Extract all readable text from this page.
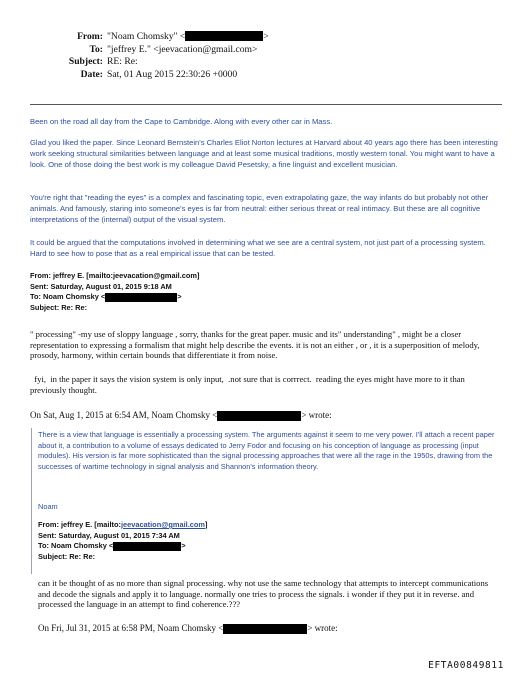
From: "Noam Chomsky" <	>
To: "jeffrey E." <jeevacation@gmail.com>
Subject: RE: Re:
Date: Sat, 01 Aug 2015 22:30:26 +0000
Been on the road all day from the Cape to Cambridge. Along with every other car in Mass.
Glad you liked the paper. Since Leonard Bernstein's Charles Eliot Norton lectures at Harvard about 40 years ago there has been interesting work seeking structural similarities between language and at least some musical traditions, mostly western tonal. You might want to have a look. One of those doing the best work is my colleague David Pesetsky, a fine linguist and excellent musician.
You're right that "reading the eyes" is a complex and fascinating topic, even extrapolating gaze, the way infants do but probably not other animals. And famously, staring into someone's eyes is far from neutral: either serious threat or real intimacy. But these are all cognitive interpretations of the (internal) output of the visual system.
It could be argued that the computations involved in determining what we see are a central system, not just part of a processing system. Hard to see how to pose that as a real empirical issue that can be tested.
From: jeffrey E. [mailto:jeevacation@gmail.com]
Sent: Saturday, August 01, 2015 9:18 AM
To: Noam Chomsky <	>
Subject: Re: Re:
" processing" -my use of sloppy language , sorry, thanks for the great paper. music and its" understanding" , might be a closer representation to expressing a formalism that might help describe the events. it is not an either , or , it is a superposition of melody, prosody, harmony, within certain bounds that differentiate it from noise.
fyi,  in the paper it says the vision system is only input,  .not sure that is corrrect.  reading the eyes might have more to it than previously thought.
On Sat, Aug 1, 2015 at 6:54 AM, Noam Chomsky <	> wrote:
There is a view that language is essentially a processing system. The arguments against it seem to me very power. I'll attach a recent paper about it, a contribution to a volume of essays dedicated to Jerry Fodor and focusing on his conception of language as processing (input modules). His version is far more sophisticated than the signal processing approaches that were all the rage in the 1950s, drawing from the successes of wartime technology in signal analysis and Shannon's information theory.
Noam
From: jeffrey E. [mailto:jeevacation@gmail.com]
Sent: Saturday, August 01, 2015 7:34 AM
To: Noam Chomsky <	>
Subject: Re: Re:
can it be thought of as no more than signal processing. why not use the same technology that attempts to intercept communications and decode the signals and apply it to language. normally one tries to process the signals. i wonder if they put it in reverse. and processed the language in an attempt to find coherence.???
On Fri, Jul 31, 2015 at 6:58 PM, Noam Chomsky <	> wrote:
EFTA00849811
